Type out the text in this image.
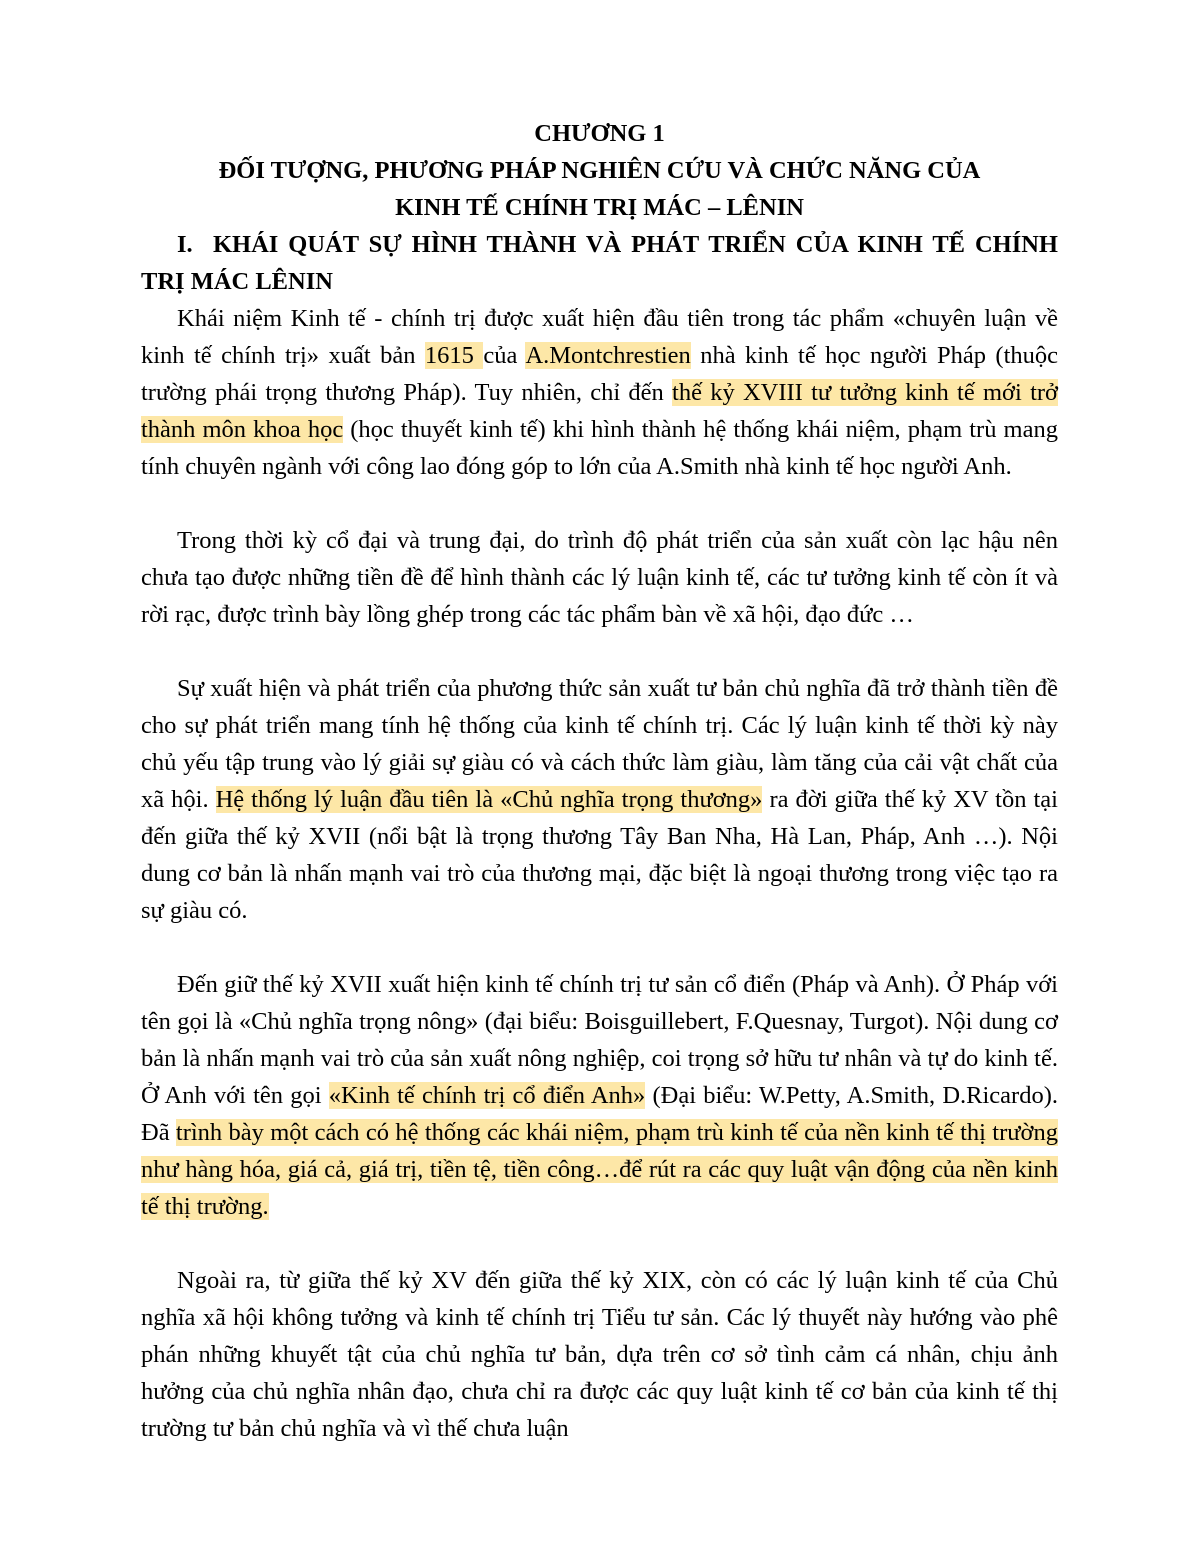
CHƯƠNG 1

ĐỐI TƯỢNG, PHƯƠNG PHÁP NGHIÊN CỨU VÀ CHỨC NĂNG CỦA

KINH TẾ CHÍNH TRỊ MÁC – LÊNIN

I. KHÁI QUÁT SỰ HÌNH THÀNH VÀ PHÁT TRIỂN CỦA KINH TẾ CHÍNH TRỊ MÁC LÊNIN

Khái niệm Kinh tế - chính trị được xuất hiện đầu tiên trong tác phẩm «chuyên luận về kinh tế chính trị» xuất bản 1615 của A.Montchrestien nhà kinh tế học người Pháp (thuộc trường phái trọng thương Pháp). Tuy nhiên, chỉ đến thế kỷ XVIII tư tưởng kinh tế mới trở thành môn khoa học (học thuyết kinh tế) khi hình thành hệ thống khái niệm, phạm trù mang tính chuyên ngành với công lao đóng góp to lớn của A.Smith nhà kinh tế học người Anh.

Trong thời kỳ cổ đại và trung đại, do trình độ phát triển của sản xuất còn lạc hậu nên chưa tạo được những tiền đề để hình thành các lý luận kinh tế, các tư tưởng kinh tế còn ít và rời rạc, được trình bày lồng ghép trong các tác phẩm bàn về xã hội, đạo đức …

Sự xuất hiện và phát triển của phương thức sản xuất tư bản chủ nghĩa đã trở thành tiền đề cho sự phát triển mang tính hệ thống của kinh tế chính trị. Các lý luận kinh tế thời kỳ này chủ yếu tập trung vào lý giải sự giàu có và cách thức làm giàu, làm tăng của cải vật chất của xã hội. Hệ thống lý luận đầu tiên là «Chủ nghĩa trọng thương» ra đời giữa thế kỷ XV tồn tại đến giữa thế kỷ XVII (nổi bật là trọng thương Tây Ban Nha, Hà Lan, Pháp, Anh …). Nội dung cơ bản là nhấn mạnh vai trò của thương mại, đặc biệt là ngoại thương trong việc tạo ra sự giàu có.

Đến giữ thế kỷ XVII xuất hiện kinh tế chính trị tư sản cổ điển (Pháp và Anh). Ở Pháp với tên gọi là «Chủ nghĩa trọng nông» (đại biểu: Boisguillebert, F.Quesnay, Turgot). Nội dung cơ bản là nhấn mạnh vai trò của sản xuất nông nghiệp, coi trọng sở hữu tư nhân và tự do kinh tế. Ở Anh với tên gọi «Kinh tế chính trị cổ điển Anh» (Đại biểu: W.Petty, A.Smith, D.Ricardo). Đã trình bày một cách có hệ thống các khái niệm, phạm trù kinh tế của nền kinh tế thị trường như hàng hóa, giá cả, giá trị, tiền tệ, tiền công…để rút ra các quy luật vận động của nền kinh tế thị trường.

Ngoài ra, từ giữa thế kỷ XV đến giữa thế kỷ XIX, còn có các lý luận kinh tế của Chủ nghĩa xã hội không tưởng và kinh tế chính trị Tiểu tư sản. Các lý thuyết này hướng vào phê phán những khuyết tật của chủ nghĩa tư bản, dựa trên cơ sở tình cảm cá nhân, chịu ảnh hưởng của chủ nghĩa nhân đạo, chưa chỉ ra được các quy luật kinh tế cơ bản của kinh tế thị trường tư bản chủ nghĩa và vì thế chưa luận
